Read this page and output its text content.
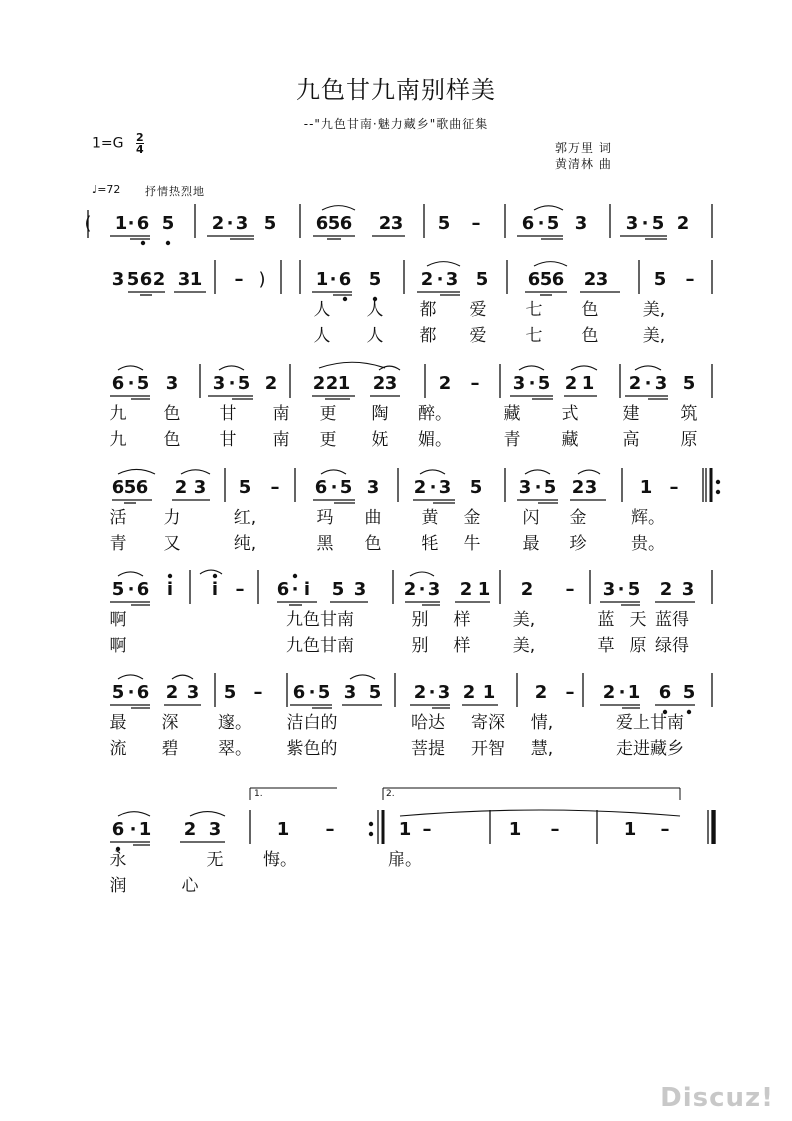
九色甘九南别样美
--"九色甘南·魅力藏乡"歌曲征集
$1=G \frac{2}{4}$	郭万里 词
黄清林 曲
♩=72 抒情热烈地
( 1 · 6 5 2 · 3 5 6 5 6 2 3 5 – 6 · 5 3 3 · 5 2
3 5 6 2 3 1 – )	1 · 6 5 2 · 3 5 6 5 6 2 3	5 –
人 人 都 爱 七 色	美,
人 人 都 爱 七 色	美,
6 · 5 3 3 · 5 2 2 2 1 2 3 2 – 3 · 5 2 1 2 · 3 5
九 色 甘 南 更 陶 醉。	藏 式	建 筑
九 色 甘 南 更 妩 媚。	青 藏	高 原
6 5 6 2 3 5 – 6 · 5 3 2 · 3 5 3 · 5 2 3 1 –
活 力	红,	玛 曲 黄 金 闪 金	辉。
青 又	纯,	黑 色 牦 牛 最 珍	贵。
5 · 6 i i – 6 · i 5 3 2 · 3 2 1 2 – 3 · 5 2 3
啊	九色甘南	别 样 美,	蓝 天 蓝得
啊	九色甘南	别 样 美,	草 原 绿得
5 · 6 2 3 5 – 6 · 5 3 5 2 · 3 2 1 2 – 2 · 1 6 5
最 深 邃。 洁白的	哈达 寄深 情,	爱上甘南
流 碧 翠。 紫色的	菩提 开智 慧,	走进藏乡
6 · 1 2 3	1 –	1 –	1 –	1 –
永	无 悔。	扉。
润	心
1.	2.
Discuz!
